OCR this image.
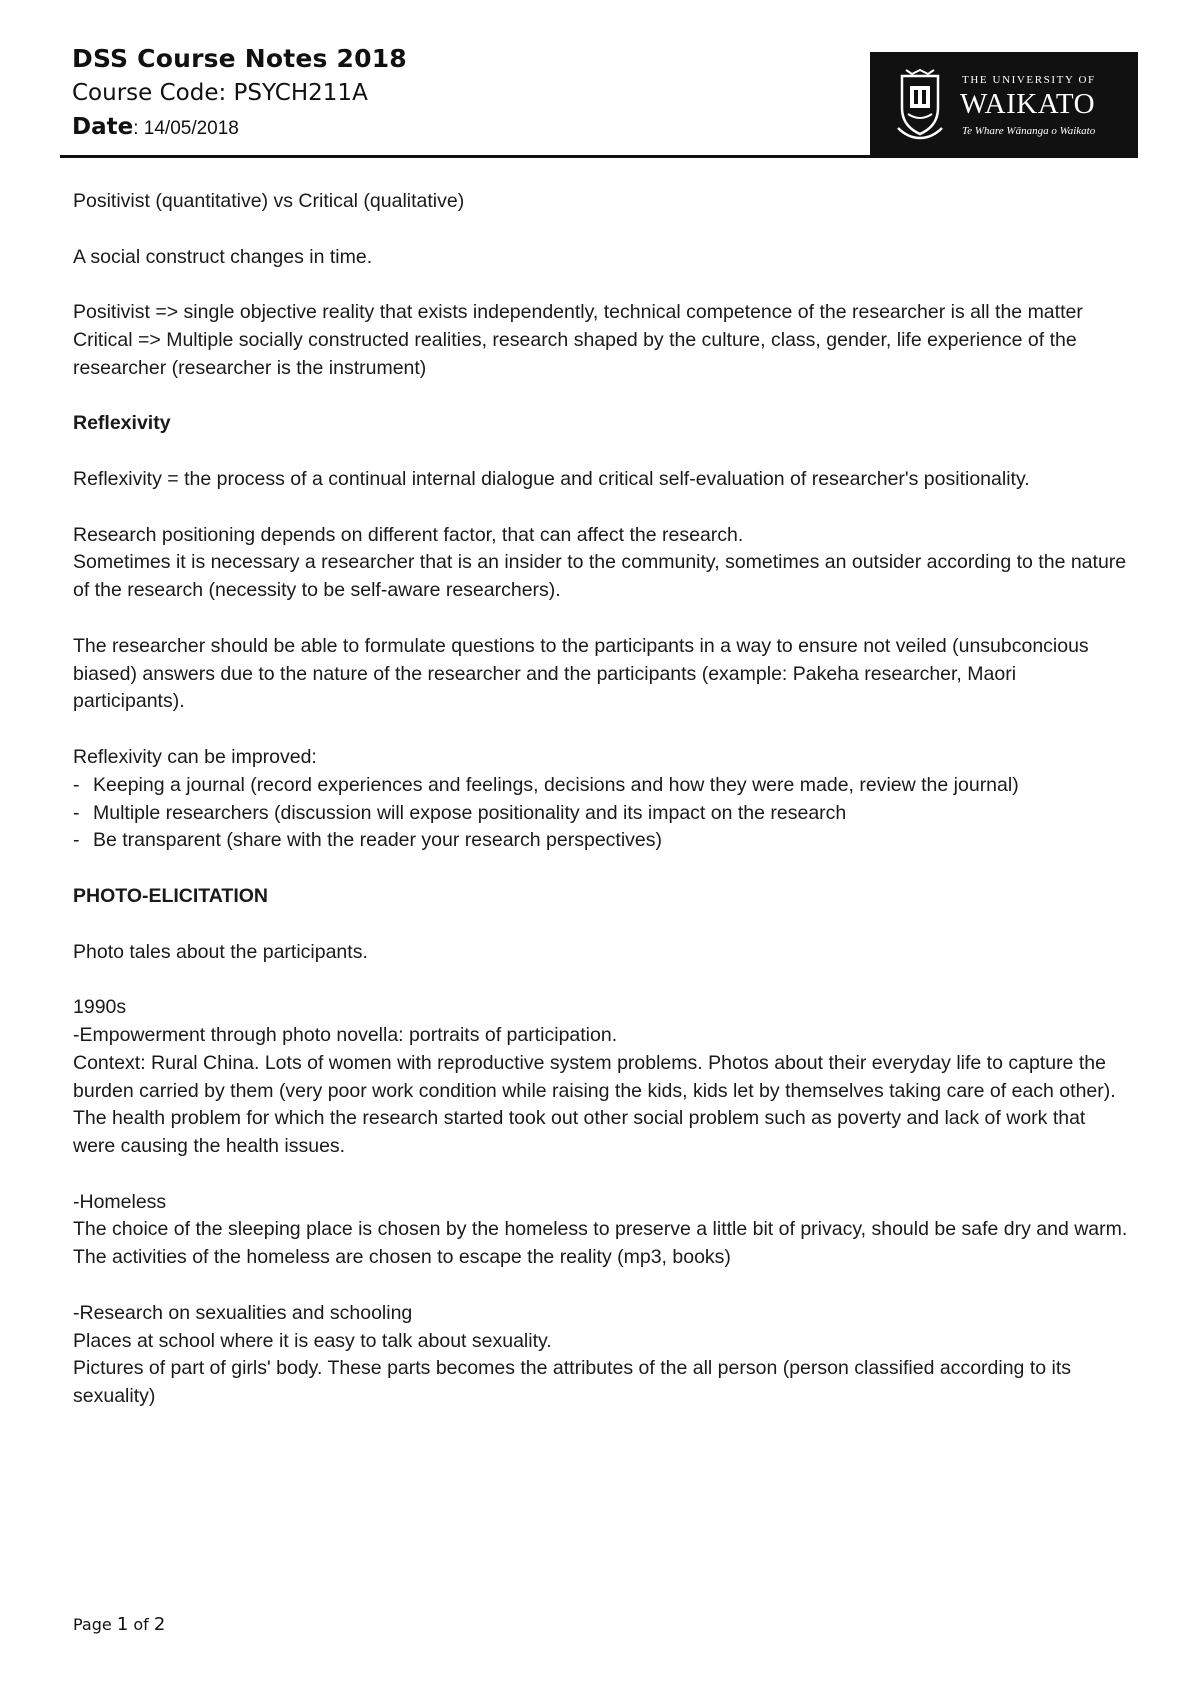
DSS Course Notes 2018
Course Code: PSYCH211A
Date: 14/05/2018
THE UNIVERSITY OF
WAIKATO
Te Whare Wānanga o Waikato

Positivist (quantitative) vs Critical (qualitative)

A social construct changes in time.

Positivist => single objective reality that exists independently, technical competence of the researcher is all the matter
Critical => Multiple socially constructed realities, research shaped by the culture, class, gender, life experience of the researcher (researcher is the instrument)

Reflexivity

Reflexivity = the process of a continual internal dialogue and critical self-evaluation of researcher's positionality.

Research positioning depends on different factor, that can affect the research.
Sometimes it is necessary a researcher that is an insider to the community, sometimes an outsider according to the nature of the research (necessity to be self-aware researchers).

The researcher should be able to formulate questions to the participants in a way to ensure not veiled (unsubconcious biased) answers due to the nature of the researcher and the participants (example: Pakeha researcher, Maori participants).

Reflexivity can be improved:
- Keeping a journal (record experiences and feelings, decisions and how they were made, review the journal)
- Multiple researchers (discussion will expose positionality and its impact on the research
- Be transparent (share with the reader your research perspectives)
PHOTO-ELICITATION

Photo tales about the participants.

1990s
-Empowerment through photo novella: portraits of participation.
Context: Rural China. Lots of women with reproductive system problems. Photos about their everyday life to capture the burden carried by them (very poor work condition while raising the kids, kids let by themselves taking care of each other). The health problem for which the research started took out other social problem such as poverty and lack of work that were causing the health issues.

-Homeless
The choice of the sleeping place is chosen by the homeless to preserve a little bit of privacy, should be safe dry and warm.
The activities of the homeless are chosen to escape the reality (mp3, books)

-Research on sexualities and schooling
Places at school where it is easy to talk about sexuality.
Pictures of part of girls' body. These parts becomes the attributes of the all person (person classified according to its sexuality)

Page 1 of 2
